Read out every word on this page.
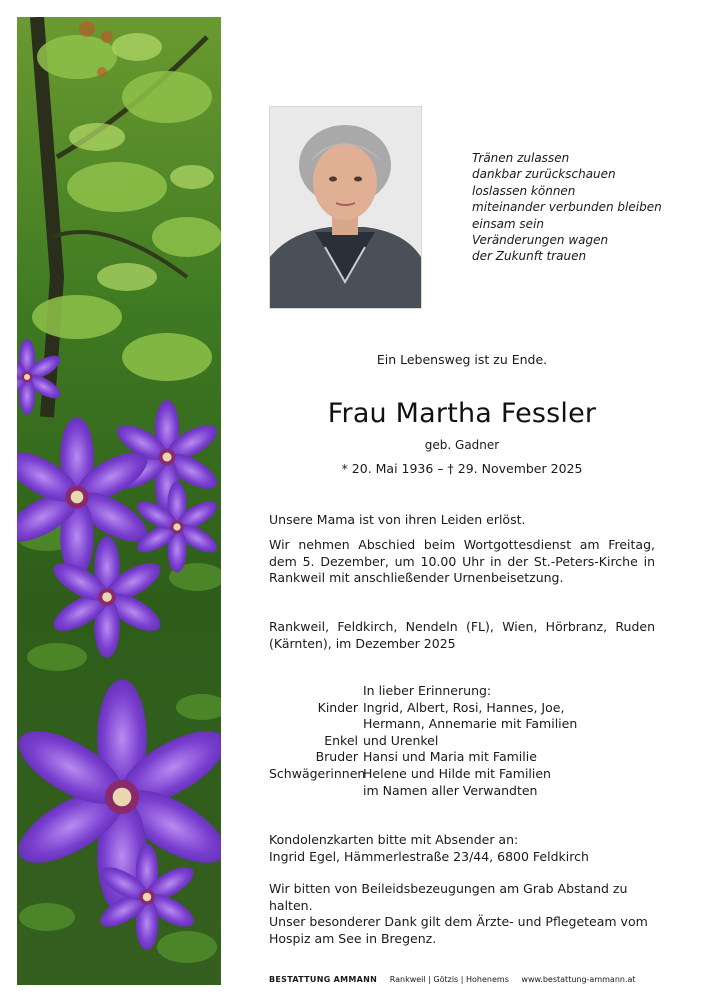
Tränen zulassen
dankbar zurückschauen
loslassen können
miteinander verbunden bleiben
einsam sein
Veränderungen wagen
der Zukunft trauen
Ein Lebensweg ist zu Ende.
Frau Martha Fessler
geb. Gadner
* 20. Mai 1936 – † 29. November 2025
Unsere Mama ist von ihren Leiden erlöst.
Wir nehmen Abschied beim Wortgottesdienst am Freitag, dem 5. Dezember, um 10.00 Uhr in der St.-Peters-Kirche in Rankweil mit anschließender Urnenbeisetzung.
Rankweil, Feldkirch, Nendeln (FL), Wien, Hörbranz, Ruden (Kärnten), im Dezember 2025
In lieber Erinnerung:
Kinder Ingrid, Albert, Rosi, Hannes, Joe,
Hermann, Annemarie mit Familien
Enkel und Urenkel
Bruder Hansi und Maria mit Familie
Schwägerinnen
Helene und Hilde mit Familien
im Namen aller Verwandten
Kondolenzkarten bitte mit Absender an:
Ingrid Egel, Hämmerlestraße 23/44, 6800 Feldkirch
Wir bitten von Beileidsbezeugungen am Grab Abstand zu halten.
Unser besonderer Dank gilt dem Ärzte- und Pflegeteam vom Hospiz am See in Bregenz.
BESTATTUNG AMMANN Rankweil | Götzis | Hohenems www.bestattung-ammann.at
